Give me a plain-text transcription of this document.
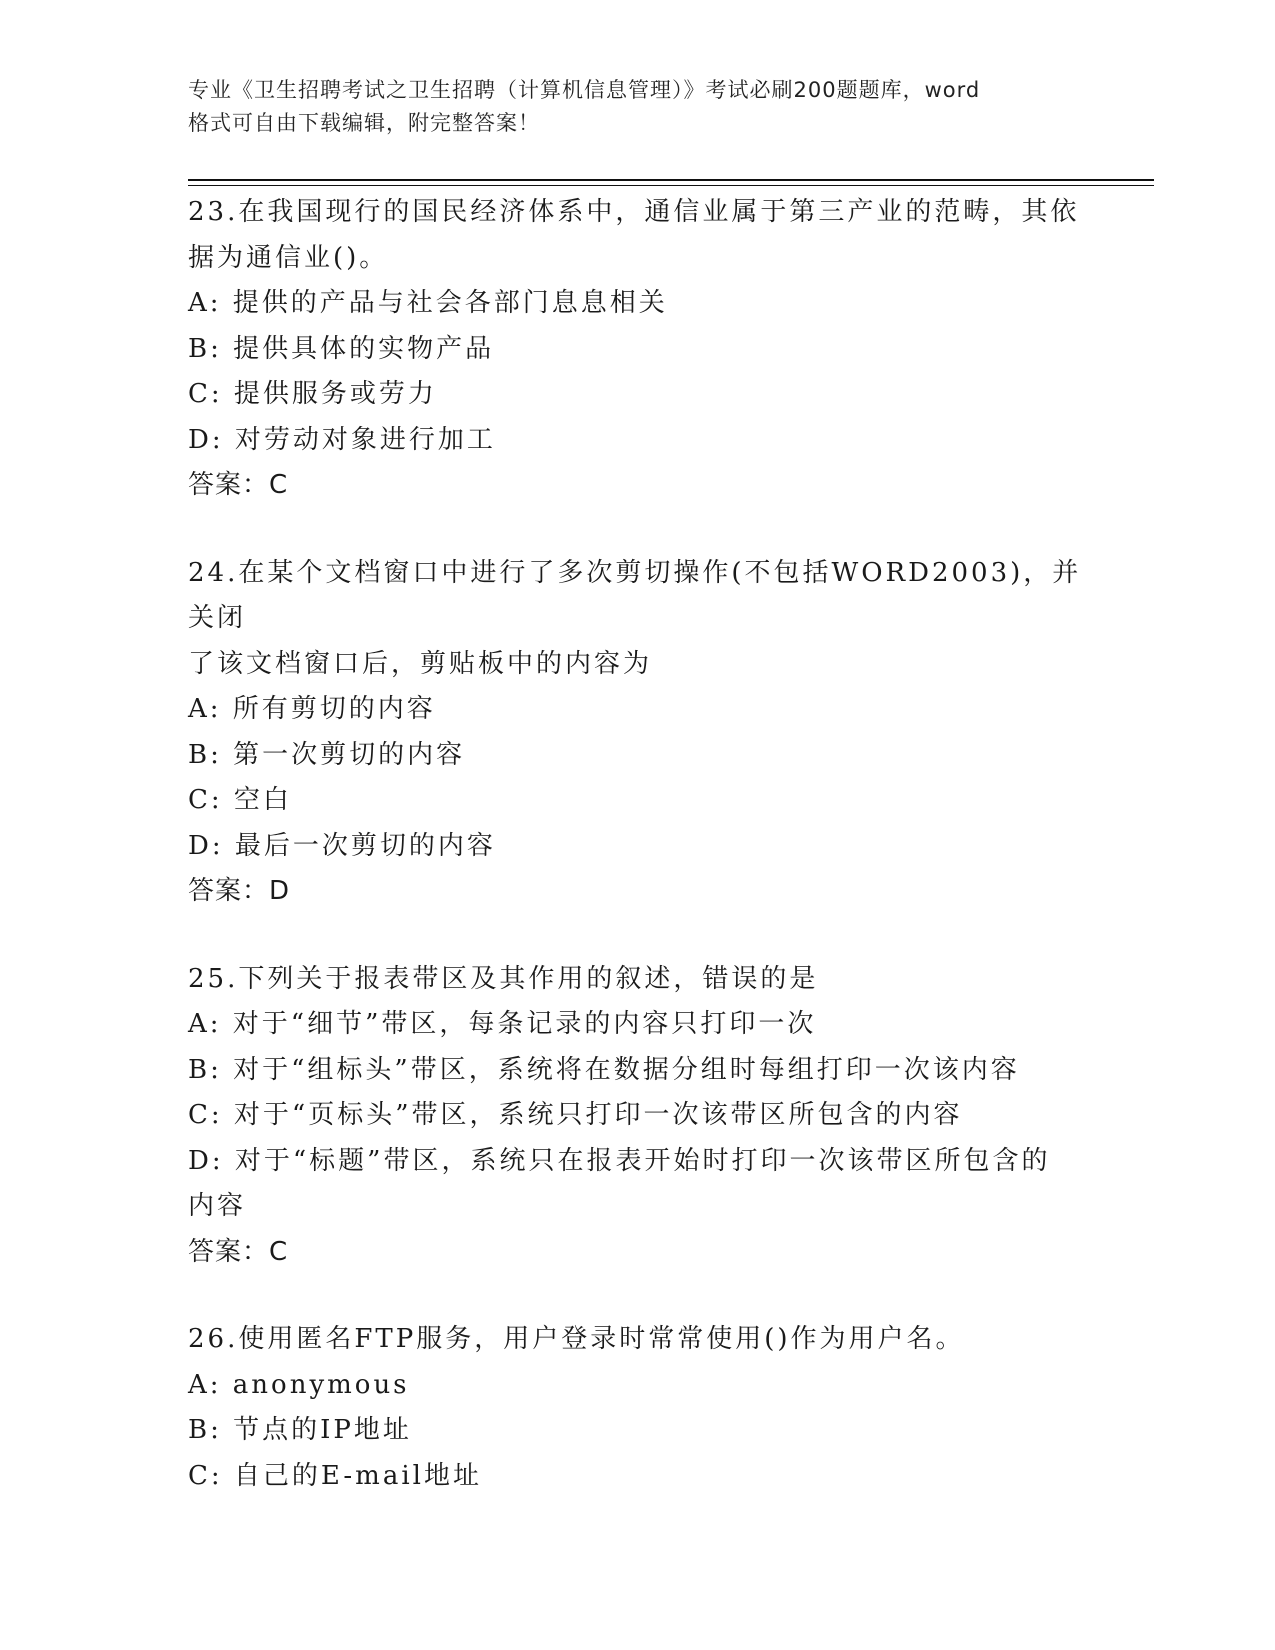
专业《卫生招聘考试之卫生招聘（计算机信息管理）》考试必刷200题题库，word
格式可自由下载编辑，附完整答案！

23.在我国现行的国民经济体系中，通信业属于第三产业的范畴，其依

据为通信业()。

A: 提供的产品与社会各部门息息相关

B: 提供具体的实物产品

C: 提供服务或劳力

D: 对劳动对象进行加工

答案：C

24.在某个文档窗口中进行了多次剪切操作(不包括WORD2003)，并关闭

了该文档窗口后，剪贴板中的内容为

A: 所有剪切的内容

B: 第一次剪切的内容

C: 空白

D: 最后一次剪切的内容

答案：D

25.下列关于报表带区及其作用的叙述，错误的是

A: 对于“细节”带区，每条记录的内容只打印一次

B: 对于“组标头”带区，系统将在数据分组时每组打印一次该内容

C: 对于“页标头”带区，系统只打印一次该带区所包含的内容

D: 对于“标题”带区，系统只在报表开始时打印一次该带区所包含的

内容

答案：C

26.使用匿名FTP服务，用户登录时常常使用()作为用户名。

A: anonymous

B: 节点的IP地址

C: 自己的E-mail地址
